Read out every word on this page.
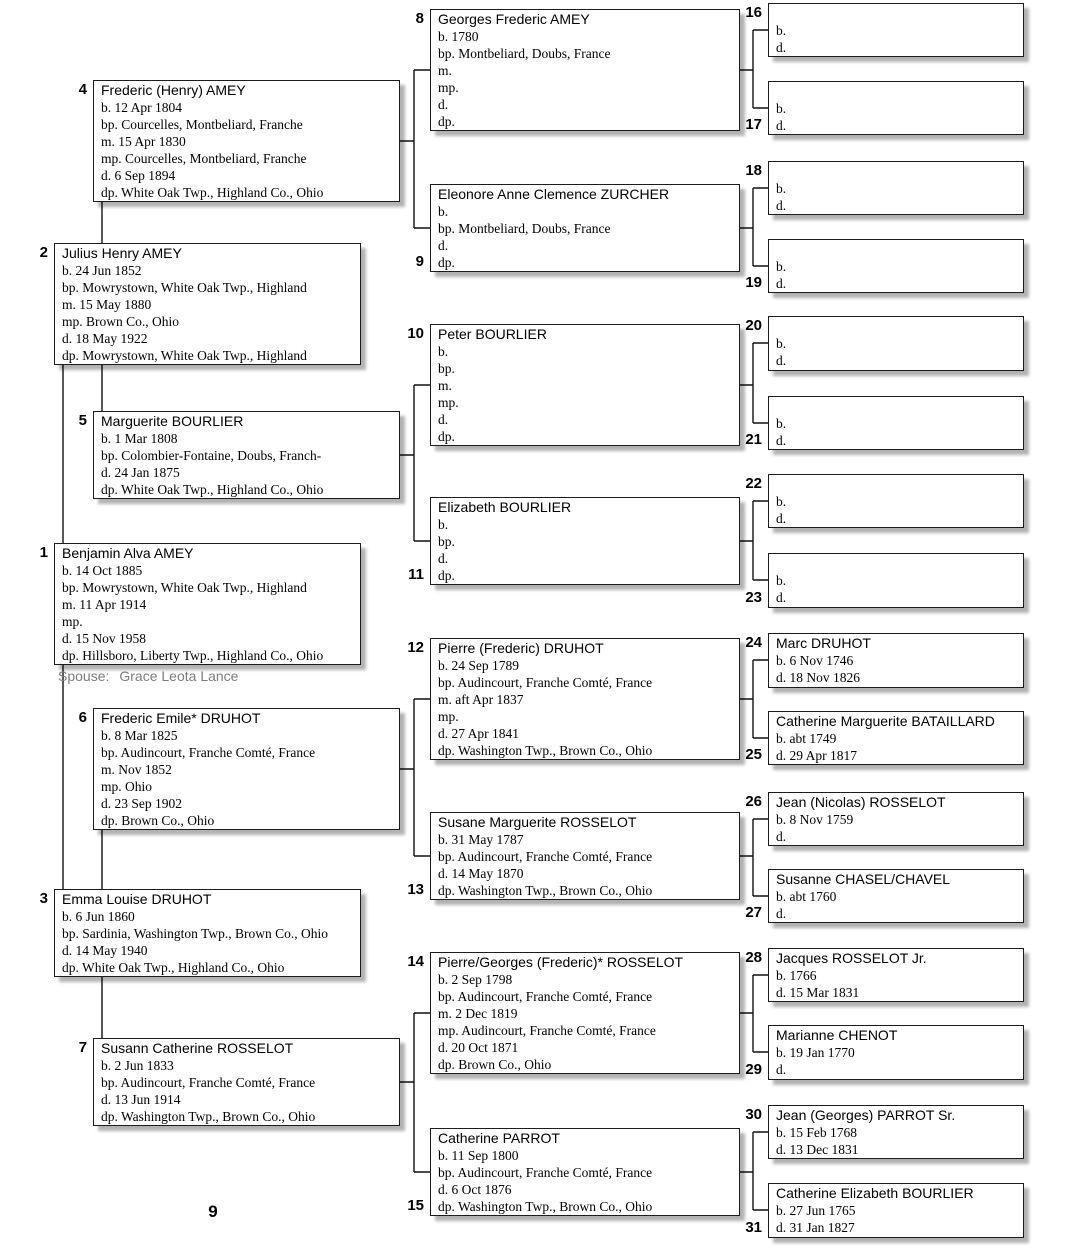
Spouse: Grace Leota Lance
9
1 Benjamin Alva AMEY
b. 14 Oct 1885
bp. Mowrystown, White Oak Twp., Highland
m. 11 Apr 1914
mp.
d. 15 Nov 1958
dp. Hillsboro, Liberty Twp., Highland Co., Ohio
2 Julius Henry AMEY
b. 24 Jun 1852
bp. Mowrystown, White Oak Twp., Highland
m. 15 May 1880
mp. Brown Co., Ohio
d. 18 May 1922
dp. Mowrystown, White Oak Twp., Highland
3 Emma Louise DRUHOT
b. 6 Jun 1860
bp. Sardinia, Washington Twp., Brown Co., Ohio
d. 14 May 1940
dp. White Oak Twp., Highland Co., Ohio
4 Frederic (Henry) AMEY
b. 12 Apr 1804
bp. Courcelles, Montbeliard, Franche
m. 15 Apr 1830
mp. Courcelles, Montbeliard, Franche
d. 6 Sep 1894
dp. White Oak Twp., Highland Co., Ohio
5 Marguerite BOURLIER
b. 1 Mar 1808
bp. Colombier-Fontaine, Doubs, Franch-
d. 24 Jan 1875
dp. White Oak Twp., Highland Co., Ohio
6 Frederic Emile* DRUHOT
b. 8 Mar 1825
bp. Audincourt, Franche Comté, France
m. Nov 1852
mp. Ohio
d. 23 Sep 1902
dp. Brown Co., Ohio
7 Susann Catherine ROSSELOT
b. 2 Jun 1833
bp. Audincourt, Franche Comté, France
d. 13 Jun 1914
dp. Washington Twp., Brown Co., Ohio
8 Georges Frederic AMEY
b. 1780
bp. Montbeliard, Doubs, France
m.
mp.
d.
dp.
9
Eleonore Anne Clemence ZURCHER
b.
bp. Montbeliard, Doubs, France
d.
dp.
10 Peter BOURLIER
b.
bp.
m.
mp.
d.
dp.
11
Elizabeth BOURLIER
b.
bp.
d.
dp.
12 Pierre (Frederic) DRUHOT
b. 24 Sep 1789
bp. Audincourt, Franche Comté, France
m. aft Apr 1837
mp.
d. 27 Apr 1841
dp. Washington Twp., Brown Co., Ohio
13
Susane Marguerite ROSSELOT
b. 31 May 1787
bp. Audincourt, Franche Comté, France
d. 14 May 1870
dp. Washington Twp., Brown Co., Ohio
14 Pierre/Georges (Frederic)* ROSSELOT
b. 2 Sep 1798
bp. Audincourt, Franche Comté, France
m. 2 Dec 1819
mp. Audincourt, Franche Comté, France
d. 20 Oct 1871
dp. Brown Co., Ohio
15
Catherine PARROT
b. 11 Sep 1800
bp. Audincourt, Franche Comté, France
d. 6 Oct 1876
dp. Washington Twp., Brown Co., Ohio
16
b.
d.
17
b.
d.
18
b.
d.
19
b.
d.
20
b.
d.
21
b.
d.
22
b.
d.
23
b.
d.
24 Marc DRUHOT
b. 6 Nov 1746
d. 18 Nov 1826
25
Catherine Marguerite BATAILLARD
b. abt 1749
d. 29 Apr 1817
26 Jean (Nicolas) ROSSELOT
b. 8 Nov 1759
d.
27
Susanne CHASEL/CHAVEL
b. abt 1760
d.
28 Jacques ROSSELOT Jr.
b. 1766
d. 15 Mar 1831
29
Marianne CHENOT
b. 19 Jan 1770
d.
30 Jean (Georges) PARROT Sr.
b. 15 Feb 1768
d. 13 Dec 1831
31
Catherine Elizabeth BOURLIER
b. 27 Jun 1765
d. 31 Jan 1827
